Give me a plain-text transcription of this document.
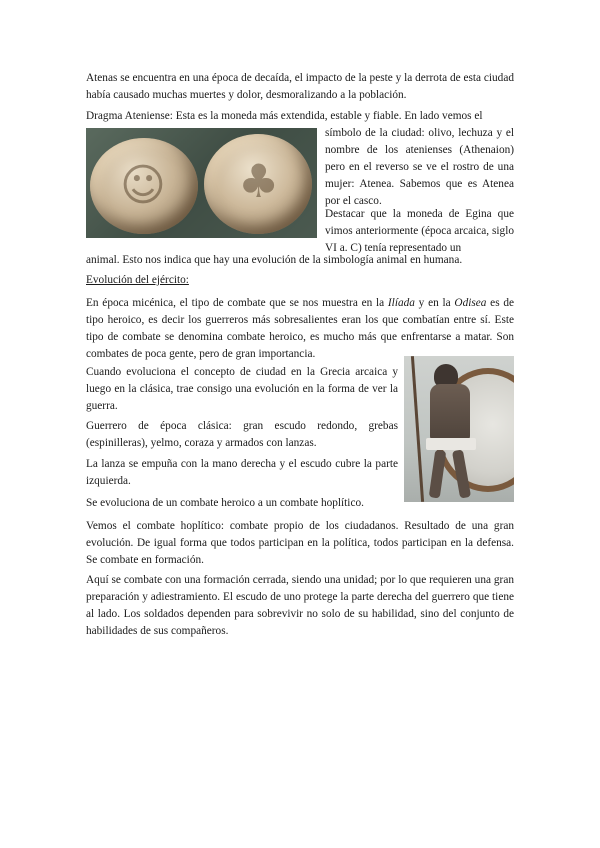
Atenas se encuentra en una época de decaída, el impacto de la peste y la derrota de esta ciudad había causado muchas muertes y dolor, desmoralizando a la población.

Dragma Ateniense: Esta es la moneda más extendida, estable y fiable. En lado vemos el

☺ ♣

símbolo de la ciudad: olivo, lechuza y el nombre de los atenienses (Athenaion) pero en el reverso se ve el rostro de una mujer: Atenea. Sabemos que es Atenea por el casco.

Destacar que la moneda de Egina que vimos anteriormente (época arcaica, siglo VI a. C) tenía representado un

animal. Esto nos indica que hay una evolución de la simbología animal en humana.

Evolución del ejército:

En época micénica, el tipo de combate que se nos muestra en la Ilíada y en la Odisea es de tipo heroico, es decir los guerreros más sobresalientes eran los que combatían entre sí. Este tipo de combate se denomina combate heroico, es mucho más que enfrentarse a matar. Son combates de poca gente, pero de gran importancia.

Cuando evoluciona el concepto de ciudad en la Grecia arcaica y luego en la clásica, trae consigo una evolución en la forma de ver la guerra.

Guerrero de época clásica: gran escudo redondo, grebas (espinilleras), yelmo, coraza y armados con lanzas.

La lanza se empuña con la mano derecha y el escudo cubre la parte izquierda.

Se evoluciona de un combate heroico a un combate hoplítico.

Vemos el combate hoplítico: combate propio de los ciudadanos. Resultado de una gran evolución. De igual forma que todos participan en la política, todos participan en la defensa. Se combate en formación.

Aquí se combate con una formación cerrada, siendo una unidad; por lo que requieren una gran preparación y adiestramiento. El escudo de uno protege la parte derecha del guerrero que tiene al lado. Los soldados dependen para sobrevivir no solo de su habilidad, sino del conjunto de habilidades de sus compañeros.
